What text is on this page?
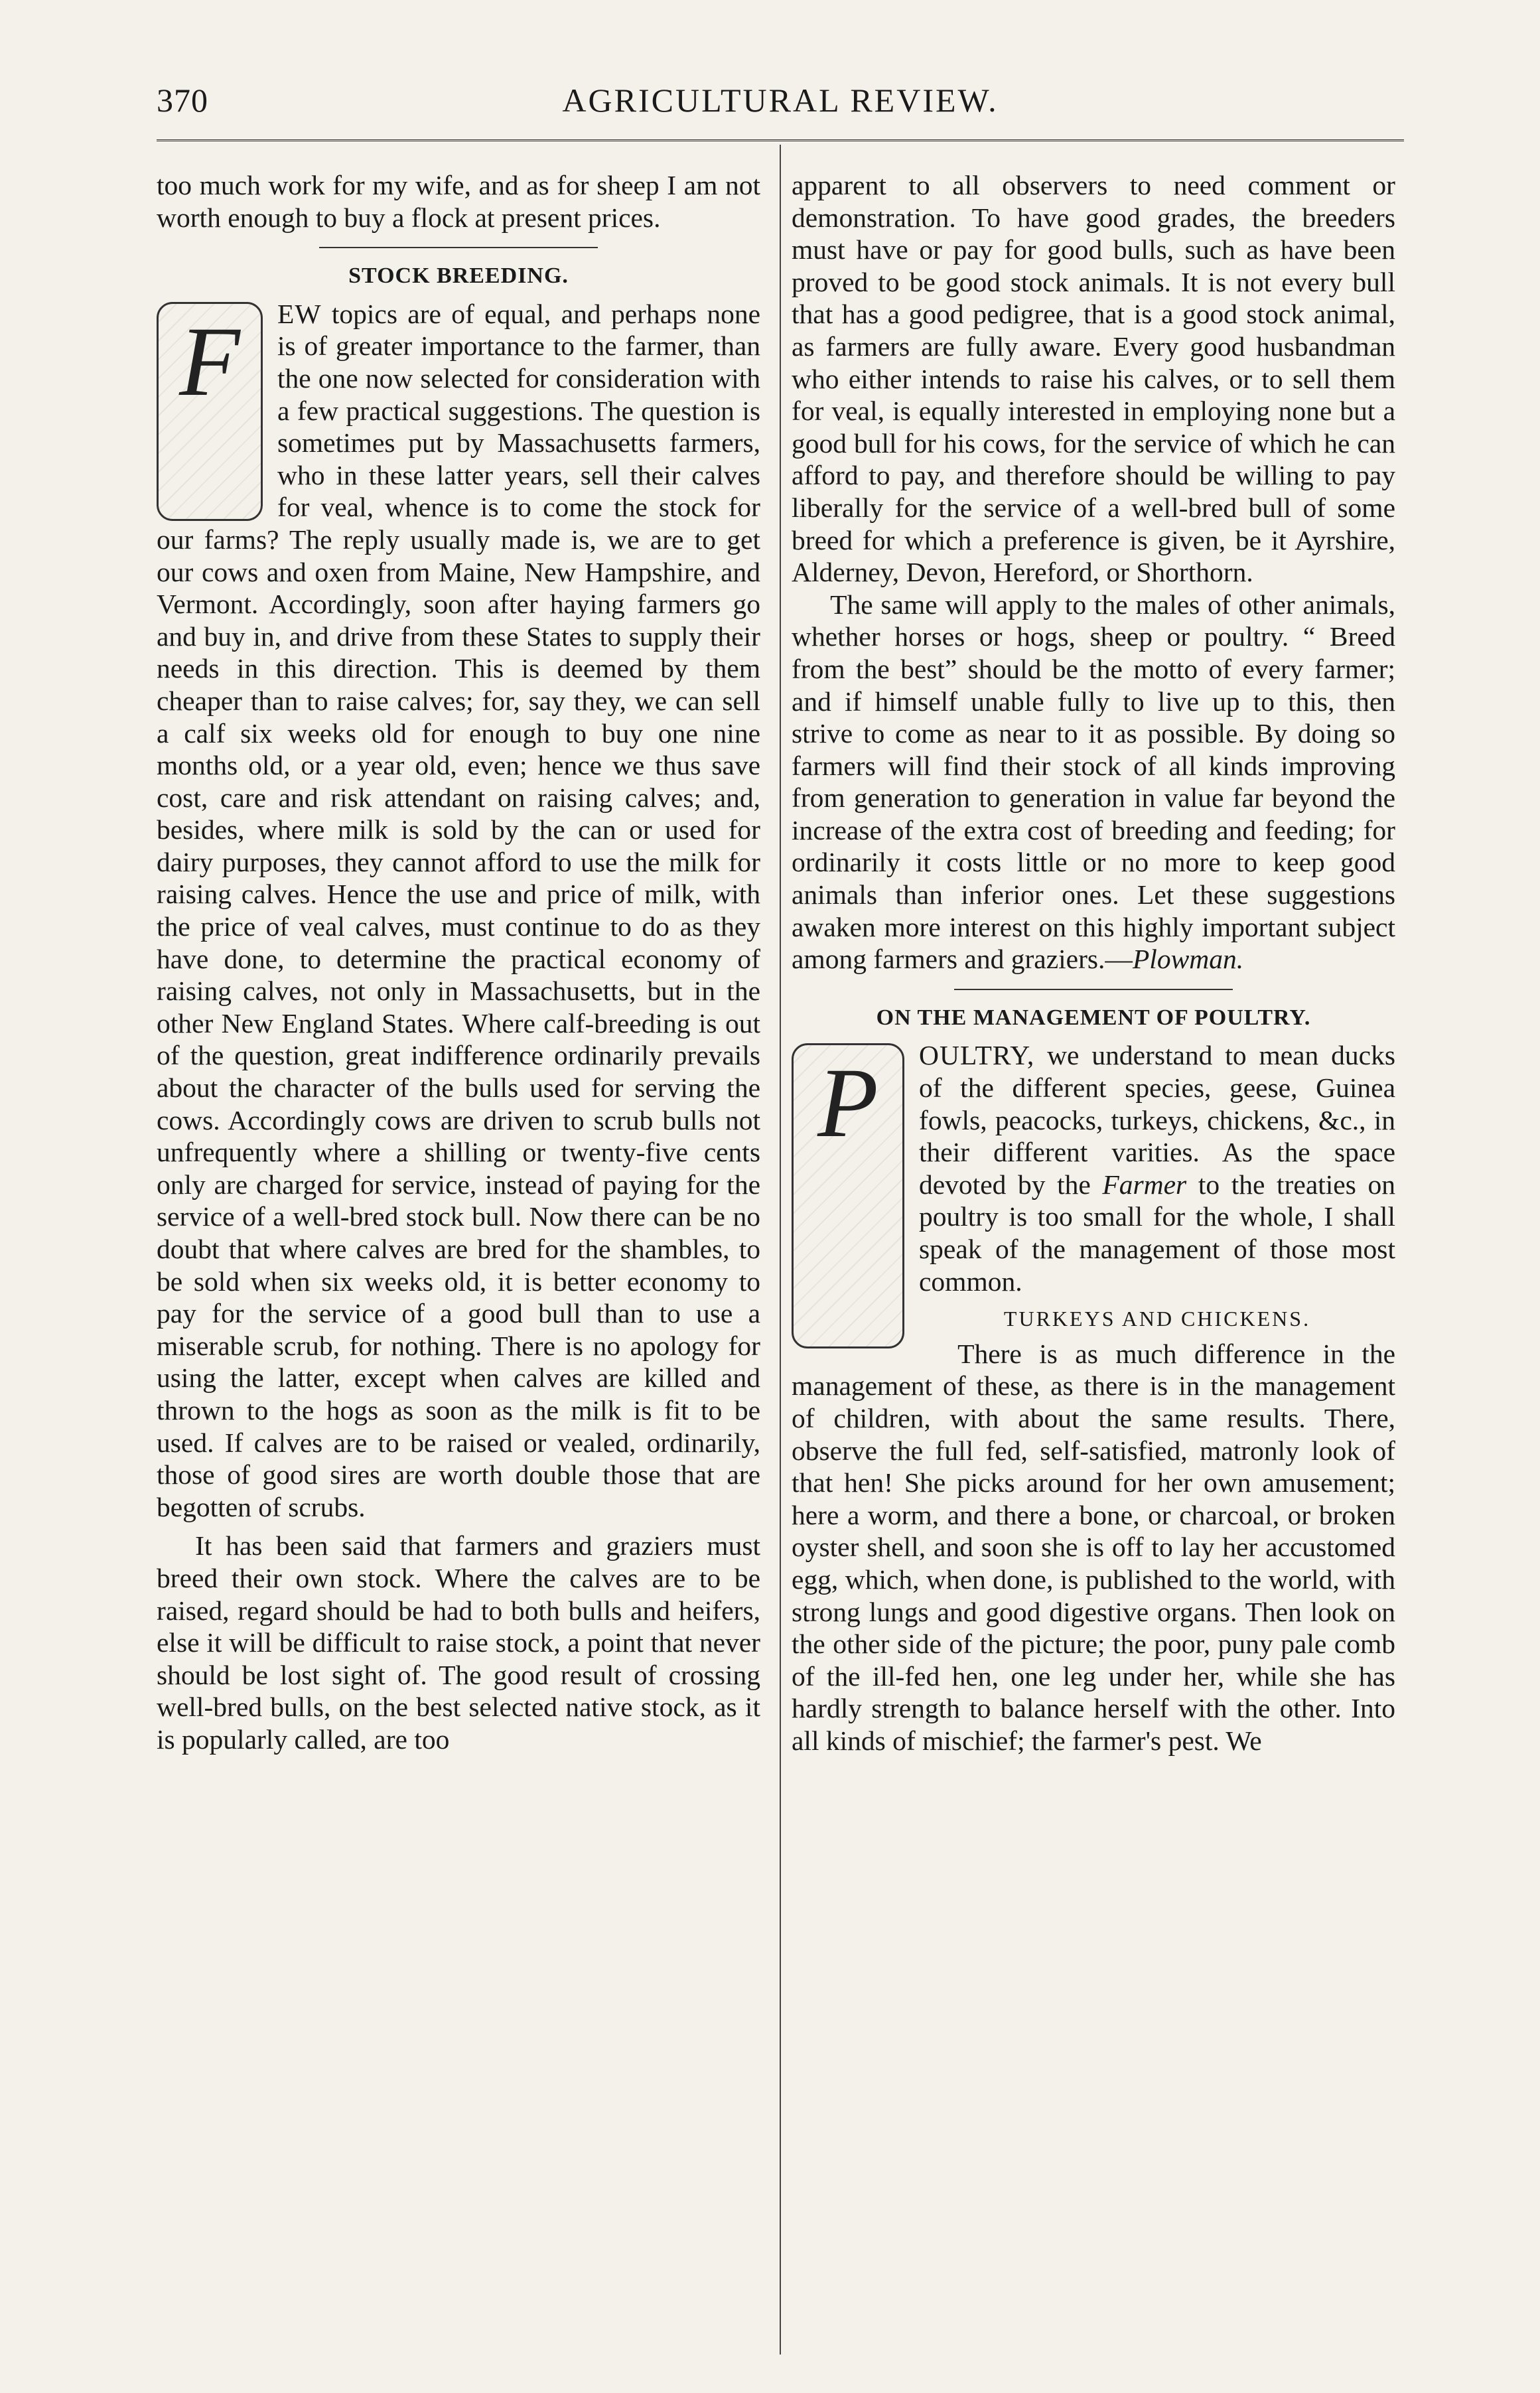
370	AGRICULTURAL REVIEW.

too much work for my wife, and as for sheep I am not worth enough to buy a flock at present prices.

STOCK BREEDING.

F	EW topics are of equal, and perhaps none is of greater importance to the farmer, than the one now selected for consideration with a few practical suggestions. The question is sometimes put by Massachusetts farmers, who in these latter years, sell their calves for veal, whence is to come the stock for our farms? The reply usually made is, we are to get our cows and oxen from Maine, New Hampshire, and Vermont. Accordingly, soon after haying farmers go and buy in, and drive from these States to supply their needs in this direction. This is deemed by them cheaper than to raise calves; for, say they, we can sell a calf six weeks old for enough to buy one nine months old, or a year old, even; hence we thus save cost, care and risk attendant on raising calves; and, besides, where milk is sold by the can or used for dairy purposes, they cannot afford to use the milk for raising calves. Hence the use and price of milk, with the price of veal calves, must continue to do as they have done, to determine the practical economy of raising calves, not only in Massachusetts, but in the other New England States. Where calf-breeding is out of the question, great indifference ordinarily prevails about the character of the bulls used for serving the cows. Accordingly cows are driven to scrub bulls not unfrequently where a shilling or twenty-five cents only are charged for service, instead of paying for the service of a well-bred stock bull. Now there can be no doubt that where calves are bred for the shambles, to be sold when six weeks old, it is better economy to pay for the service of a good bull than to use a miserable scrub, for nothing. There is no apology for using the latter, except when calves are killed and thrown to the hogs as soon as the milk is fit to be used. If calves are to be raised or vealed, ordinarily, those of good sires are worth double those that are begotten of scrubs.

It has been said that farmers and graziers must breed their own stock. Where the calves are to be raised, regard should be had to both bulls and heifers, else it will be difficult to raise stock, a point that never should be lost sight of. The good result of crossing well-bred bulls, on the best selected native stock, as it is popularly called, are too

apparent to all observers to need comment or demonstration. To have good grades, the breeders must have or pay for good bulls, such as have been proved to be good stock animals. It is not every bull that has a good pedigree, that is a good stock animal, as farmers are fully aware. Every good husbandman who either intends to raise his calves, or to sell them for veal, is equally interested in employing none but a good bull for his cows, for the service of which he can afford to pay, and therefore should be willing to pay liberally for the service of a well-bred bull of some breed for which a preference is given, be it Ayrshire, Alderney, Devon, Hereford, or Shorthorn.

The same will apply to the males of other animals, whether horses or hogs, sheep or poultry. “ Breed from the best” should be the motto of every farmer; and if himself unable fully to live up to this, then strive to come as near to it as possible. By doing so farmers will find their stock of all kinds improving from generation to generation in value far beyond the increase of the extra cost of breeding and feeding; for ordinarily it costs little or no more to keep good animals than inferior ones. Let these suggestions awaken more interest on this highly important subject among farmers and graziers.—Plowman.

ON THE MANAGEMENT OF POULTRY.

P	OULTRY, we understand to mean ducks of the different species, geese, Guinea fowls, peacocks, turkeys, chickens, &c., in their different varities. As the space devoted by the Farmer to the treaties on poultry is too small for the whole, I shall speak of the management of those most common.

TURKEYS AND CHICKENS.

There is as much difference in the management of these, as there is in the management of children, with about the same results. There, observe the full fed, self-satisfied, matronly look of that hen! She picks around for her own amusement; here a worm, and there a bone, or charcoal, or broken oyster shell, and soon she is off to lay her accustomed egg, which, when done, is published to the world, with strong lungs and good digestive organs. Then look on the other side of the picture; the poor, puny pale comb of the ill-fed hen, one leg under her, while she has hardly strength to balance herself with the other. Into all kinds of mischief; the farmer's pest. We
